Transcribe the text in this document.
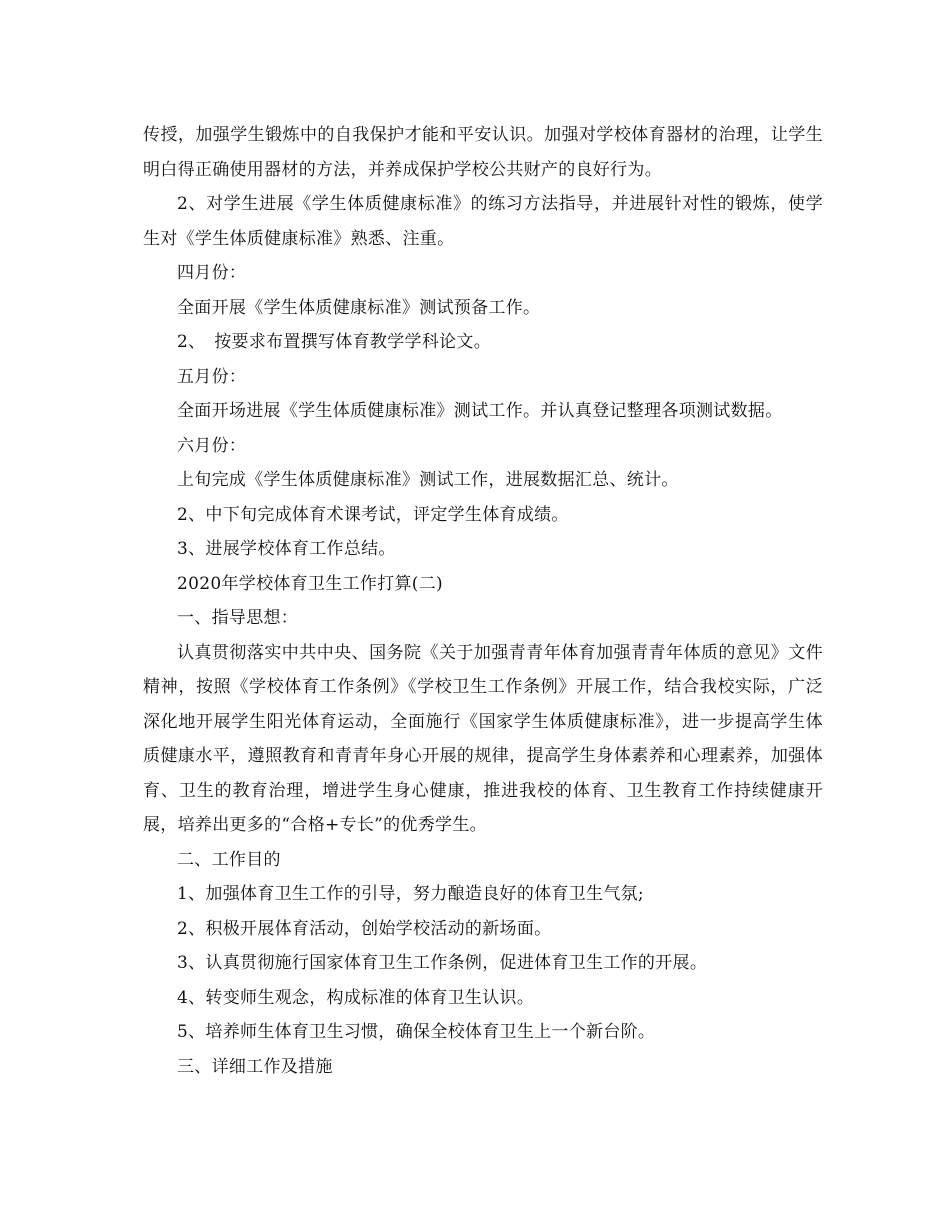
传授，加强学生锻炼中的自我保护才能和平安认识。加强对学校体育器材的治理，让学生明白得正确使用器材的方法，并养成保护学校公共财产的良好行为。

2、对学生进展《学生体质健康标准》的练习方法指导，并进展针对性的锻炼，使学生对《学生体质健康标准》熟悉、注重。

四月份：

全面开展《学生体质健康标准》测试预备工作。

2、　按要求布置撰写体育教学学科论文。

五月份：

全面开场进展《学生体质健康标准》测试工作。并认真登记整理各项测试数据。

六月份：

上旬完成《学生体质健康标准》测试工作，进展数据汇总、统计。

2、中下旬完成体育术课考试，评定学生体育成绩。

3、进展学校体育工作总结。

2020年学校体育卫生工作打算(二)

一、指导思想：

认真贯彻落实中共中央、国务院《关于加强青青年体育加强青青年体质的意见》文件精神，按照《学校体育工作条例》《学校卫生工作条例》开展工作，结合我校实际，广泛深化地开展学生阳光体育运动，全面施行《国家学生体质健康标准》，进一步提高学生体质健康水平，遵照教育和青青年身心开展的规律，提高学生身体素养和心理素养，加强体育、卫生的教育治理，增进学生身心健康，推进我校的体育、卫生教育工作持续健康开展，培养出更多的“合格+专长”的优秀学生。

二、工作目的

1、加强体育卫生工作的引导，努力酿造良好的体育卫生气氛;

2、积极开展体育活动，创始学校活动的新场面。

3、认真贯彻施行国家体育卫生工作条例，促进体育卫生工作的开展。

4、转变师生观念，构成标准的体育卫生认识。

5、培养师生体育卫生习惯，确保全校体育卫生上一个新台阶。

三、详细工作及措施
